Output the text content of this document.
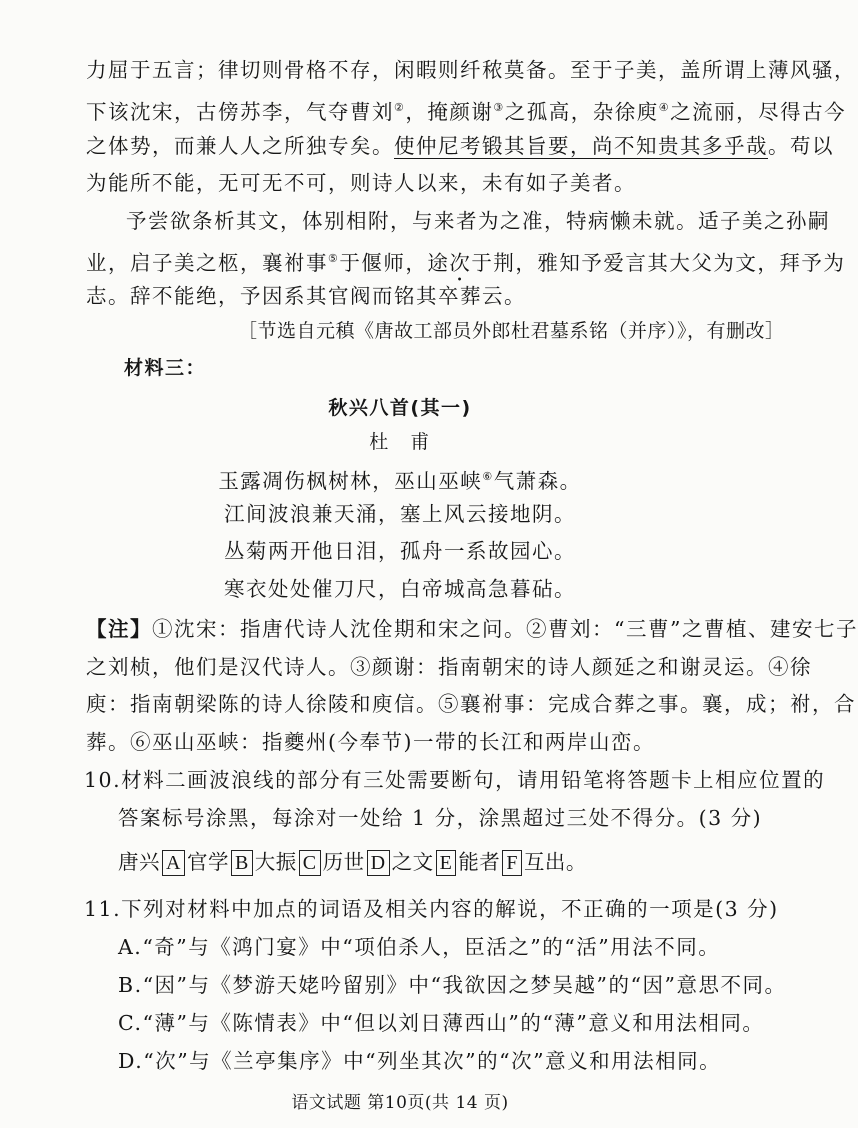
力屈于五言；律切则骨格不存，闲暇则纤秾莫备。至于子美，盖所谓上薄风骚，
下该沈宋，古傍苏李，气夺曹刘②，掩颜谢③之孤高，杂徐庾④之流丽，尽得古今
之体势，而兼人人之所独专矣。使仲尼考锻其旨要，尚不知贵其多乎哉。苟以
为能所不能，无可无不可，则诗人以来，未有如子美者。
予尝欲条析其文，体别相附，与来者为之准，特病懒未就。适子美之孙嗣
业，启子美之柩，襄祔事⑤于偃师，途次于荆，雅知予爱言其大父为文，拜予为
志。辞不能绝，予因系其官阀而铭其卒葬云。
［节选自元稹《唐故工部员外郎杜君墓系铭（并序）》，有删改］
材料三：
秋兴八首(其一)
杜　甫
玉露凋伤枫树林，巫山巫峡⑥气萧森。
江间波浪兼天涌，塞上风云接地阴。
丛菊两开他日泪，孤舟一系故园心。
寒衣处处催刀尺，白帝城高急暮砧。
【注】①沈宋：指唐代诗人沈佺期和宋之问。②曹刘：“三曹”之曹植、建安七子
之刘桢，他们是汉代诗人。③颜谢：指南朝宋的诗人颜延之和谢灵运。④徐
庾：指南朝梁陈的诗人徐陵和庾信。⑤襄祔事：完成合葬之事。襄，成；祔，合
葬。⑥巫山巫峡：指夔州(今奉节)一带的长江和两岸山峦。
10.材料二画波浪线的部分有三处需要断句，请用铅笔将答题卡上相应位置的
答案标号涂黑，每涂对一处给 1 分，涂黑超过三处不得分。(3 分)
唐兴 A 官学 B 大振 C 历世 D 之文 E 能者 F 互出。
11.下列对材料中加点的词语及相关内容的解说，不正确的一项是(3 分)
A.“奇”与《鸿门宴》中“项伯杀人，臣活之”的“活”用法不同。
B.“因”与《梦游天姥吟留别》中“我欲因之梦吴越”的“因”意思不同。
C.“薄”与《陈情表》中“但以刘日薄西山”的“薄”意义和用法相同。
D.“次”与《兰亭集序》中“列坐其次”的“次”意义和用法相同。
语文试题 第10页(共 14 页)
